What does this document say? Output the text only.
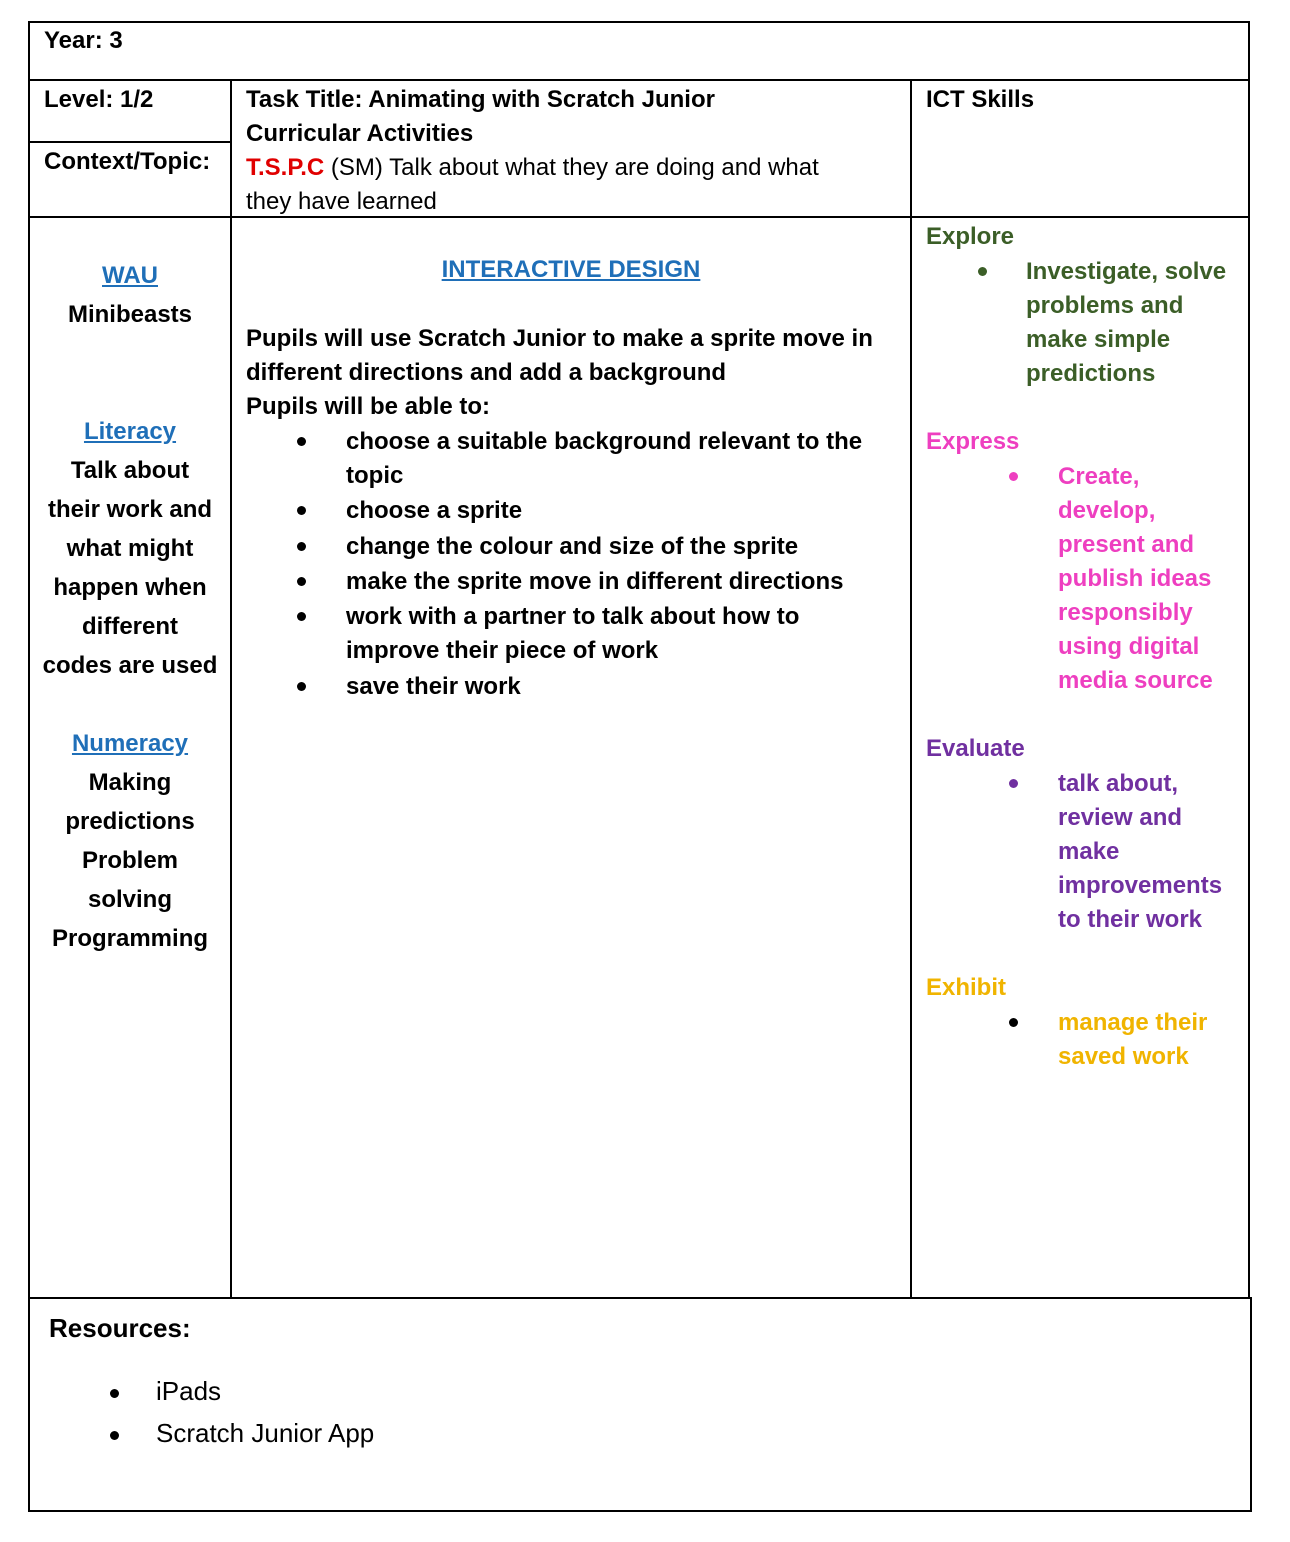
Year: 3
Level: 1/2
Context/Topic:
Task Title: Animating with Scratch Junior
Curricular Activities
T.S.P.C (SM) Talk about what they are doing and what
they have learned
ICT Skills
WAU
Minibeasts
Literacy
Talk about
their work and
what might
happen when
different
codes are used
Numeracy
Making
predictions
Problem
solving
Programming
INTERACTIVE DESIGN
Pupils will use Scratch Junior to make a sprite move in
different directions and add a background
Pupils will be able to:
choose a suitable background relevant to the
topic
choose a sprite
change the colour and size of the sprite
make the sprite move in different directions
work with a partner to talk about how to
improve their piece of work
save their work
Explore
Investigate, solve
problems and
make simple
predictions
Express
Create,
develop,
present and
publish ideas
responsibly
using digital
media source
Evaluate
talk about,
review and
make
improvements
to their work
Exhibit
manage their
saved work
Resources:
iPads
Scratch Junior App
